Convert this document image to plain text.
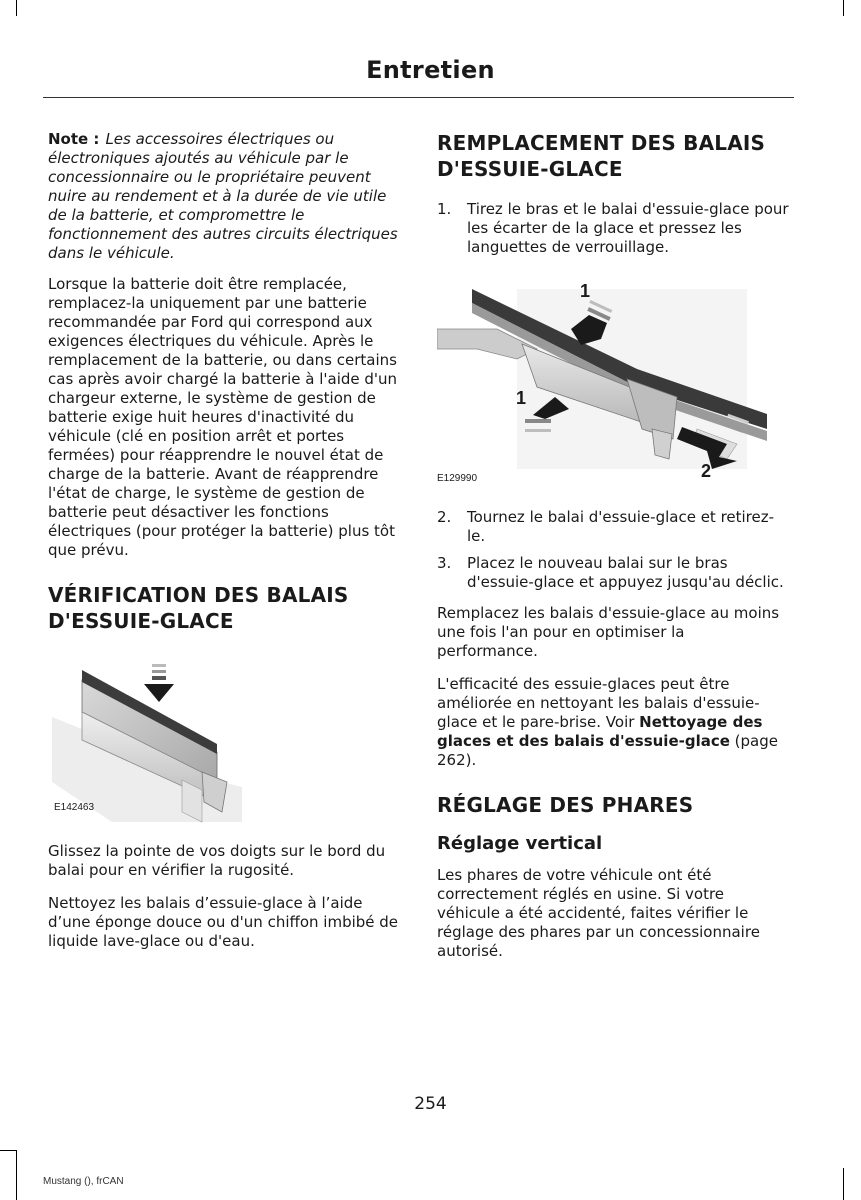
Entretien

Note : Les accessoires électriques ou électroniques ajoutés au véhicule par le concessionnaire ou le propriétaire peuvent nuire au rendement et à la durée de vie utile de la batterie, et compromettre le fonctionnement des autres circuits électriques dans le véhicule.

Lorsque la batterie doit être remplacée, remplacez-la uniquement par une batterie recommandée par Ford qui correspond aux exigences électriques du véhicule. Après le remplacement de la batterie, ou dans certains cas après avoir chargé la batterie à l'aide d'un chargeur externe, le système de gestion de batterie exige huit heures d'inactivité du véhicule (clé en position arrêt et portes fermées) pour réapprendre le nouvel état de charge de la batterie. Avant de réapprendre l'état de charge, le système de gestion de batterie peut désactiver les fonctions électriques (pour protéger la batterie) plus tôt que prévu.

VÉRIFICATION DES BALAIS D'ESSUIE-GLACE
E142463

Glissez la pointe de vos doigts sur le bord du balai pour en vérifier la rugosité.

Nettoyez les balais d’essuie-glace à l’aide d’une éponge douce ou d'un chiffon imbibé de liquide lave-glace ou d'eau.

REMPLACEMENT DES BALAIS D'ESSUIE-GLACE
1. Tirez le bras et le balai d'essuie-glace pour les écarter de la glace et pressez les languettes de verrouillage.
1
1
2
E129990
2. Tournez le balai d'essuie-glace et retirez-le.
3. Placez le nouveau balai sur le bras d'essuie-glace et appuyez jusqu'au déclic.

Remplacez les balais d'essuie-glace au moins une fois l'an pour en optimiser la performance.

L'efficacité des essuie-glaces peut être améliorée en nettoyant les balais d'essuie-glace et le pare-brise. Voir Nettoyage des glaces et des balais d'essuie-glace (page 262).

RÉGLAGE DES PHARES
Réglage vertical

Les phares de votre véhicule ont été correctement réglés en usine. Si votre véhicule a été accidenté, faites vérifier le réglage des phares par un concessionnaire autorisé.

254
Mustang (), frCAN
